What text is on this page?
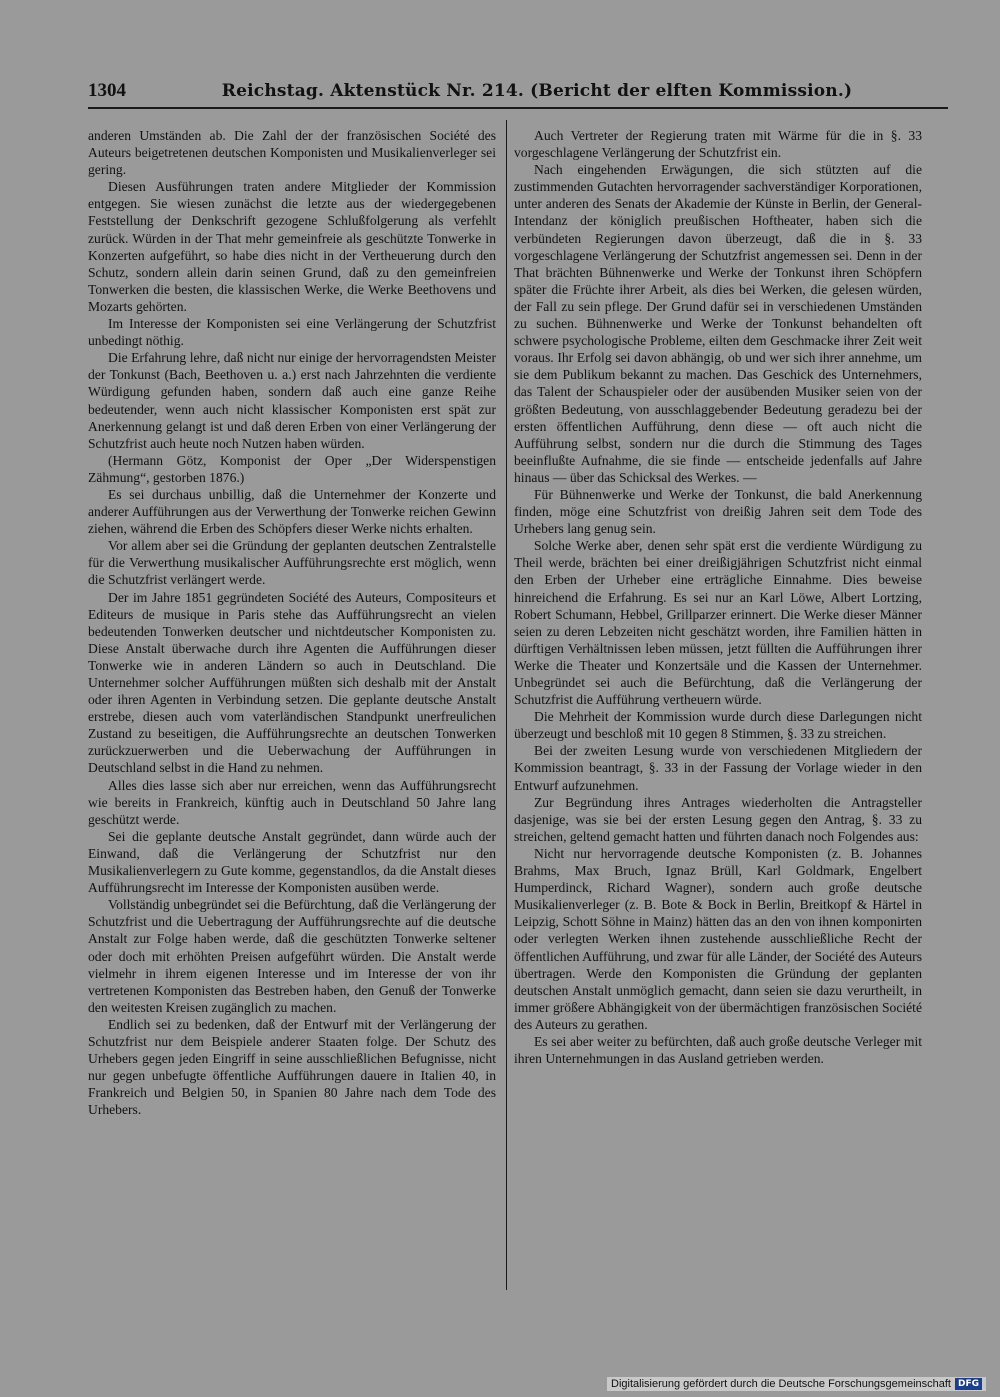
1304	Reichstag. Aktenstück Nr. 214. (Bericht der elften Kommission.)

anderen Umständen ab. Die Zahl der der französischen Société des Auteurs beigetretenen deutschen Komponisten und Musikalienverleger sei gering.

Diesen Ausführungen traten andere Mitglieder der Kommission entgegen. Sie wiesen zunächst die letzte aus der wiedergegebenen Feststellung der Denkschrift gezogene Schlußfolgerung als verfehlt zurück. Würden in der That mehr gemeinfreie als geschützte Tonwerke in Konzerten aufgeführt, so habe dies nicht in der Vertheuerung durch den Schutz, sondern allein darin seinen Grund, daß zu den gemeinfreien Tonwerken die besten, die klassischen Werke, die Werke Beethovens und Mozarts gehörten.

Im Interesse der Komponisten sei eine Verlängerung der Schutzfrist unbedingt nöthig.

Die Erfahrung lehre, daß nicht nur einige der hervorragendsten Meister der Tonkunst (Bach, Beethoven u. a.) erst nach Jahrzehnten die verdiente Würdigung gefunden haben, sondern daß auch eine ganze Reihe bedeutender, wenn auch nicht klassischer Komponisten erst spät zur Anerkennung gelangt ist und daß deren Erben von einer Verlängerung der Schutzfrist auch heute noch Nutzen haben würden.

(Hermann Götz, Komponist der Oper „Der Widerspenstigen Zähmung“, gestorben 1876.)

Es sei durchaus unbillig, daß die Unternehmer der Konzerte und anderer Aufführungen aus der Verwerthung der Tonwerke reichen Gewinn ziehen, während die Erben des Schöpfers dieser Werke nichts erhalten.

Vor allem aber sei die Gründung der geplanten deutschen Zentralstelle für die Verwerthung musikalischer Aufführungsrechte erst möglich, wenn die Schutzfrist verlängert werde.

Der im Jahre 1851 gegründeten Société des Auteurs, Compositeurs et Editeurs de musique in Paris stehe das Aufführungsrecht an vielen bedeutenden Tonwerken deutscher und nichtdeutscher Komponisten zu. Diese Anstalt überwache durch ihre Agenten die Aufführungen dieser Tonwerke wie in anderen Ländern so auch in Deutschland. Die Unternehmer solcher Aufführungen müßten sich deshalb mit der Anstalt oder ihren Agenten in Verbindung setzen. Die geplante deutsche Anstalt erstrebe, diesen auch vom vaterländischen Standpunkt unerfreulichen Zustand zu beseitigen, die Aufführungsrechte an deutschen Tonwerken zurückzuerwerben und die Ueberwachung der Aufführungen in Deutschland selbst in die Hand zu nehmen.

Alles dies lasse sich aber nur erreichen, wenn das Aufführungsrecht wie bereits in Frankreich, künftig auch in Deutschland 50 Jahre lang geschützt werde.

Sei die geplante deutsche Anstalt gegründet, dann würde auch der Einwand, daß die Verlängerung der Schutzfrist nur den Musikalienverlegern zu Gute komme, gegenstandlos, da die Anstalt dieses Aufführungsrecht im Interesse der Komponisten ausüben werde.

Vollständig unbegründet sei die Befürchtung, daß die Verlängerung der Schutzfrist und die Uebertragung der Aufführungsrechte auf die deutsche Anstalt zur Folge haben werde, daß die geschützten Tonwerke seltener oder doch mit erhöhten Preisen aufgeführt würden. Die Anstalt werde vielmehr in ihrem eigenen Interesse und im Interesse der von ihr vertretenen Komponisten das Bestreben haben, den Genuß der Tonwerke den weitesten Kreisen zugänglich zu machen.

Endlich sei zu bedenken, daß der Entwurf mit der Verlängerung der Schutzfrist nur dem Beispiele anderer Staaten folge. Der Schutz des Urhebers gegen jeden Eingriff in seine ausschließlichen Befugnisse, nicht nur gegen unbefugte öffentliche Aufführungen dauere in Italien 40, in Frankreich und Belgien 50, in Spanien 80 Jahre nach dem Tode des Urhebers.

Auch Vertreter der Regierung traten mit Wärme für die in §. 33 vorgeschlagene Verlängerung der Schutzfrist ein.

Nach eingehenden Erwägungen, die sich stützten auf die zustimmenden Gutachten hervorragender sachverständiger Korporationen, unter anderen des Senats der Akademie der Künste in Berlin, der General-Intendanz der königlich preußischen Hoftheater, haben sich die verbündeten Regierungen davon überzeugt, daß die in §. 33 vorgeschlagene Verlängerung der Schutzfrist angemessen sei. Denn in der That brächten Bühnenwerke und Werke der Tonkunst ihren Schöpfern später die Früchte ihrer Arbeit, als dies bei Werken, die gelesen würden, der Fall zu sein pflege. Der Grund dafür sei in verschiedenen Umständen zu suchen. Bühnenwerke und Werke der Tonkunst behandelten oft schwere psychologische Probleme, eilten dem Geschmacke ihrer Zeit weit voraus. Ihr Erfolg sei davon abhängig, ob und wer sich ihrer annehme, um sie dem Publikum bekannt zu machen. Das Geschick des Unternehmers, das Talent der Schauspieler oder der ausübenden Musiker seien von der größten Bedeutung, von ausschlaggebender Bedeutung geradezu bei der ersten öffentlichen Aufführung, denn diese — oft auch nicht die Aufführung selbst, sondern nur die durch die Stimmung des Tages beeinflußte Aufnahme, die sie finde — entscheide jedenfalls auf Jahre hinaus — über das Schicksal des Werkes. —

Für Bühnenwerke und Werke der Tonkunst, die bald Anerkennung finden, möge eine Schutzfrist von dreißig Jahren seit dem Tode des Urhebers lang genug sein.

Solche Werke aber, denen sehr spät erst die verdiente Würdigung zu Theil werde, brächten bei einer dreißigjährigen Schutzfrist nicht einmal den Erben der Urheber eine erträgliche Einnahme. Dies beweise hinreichend die Erfahrung. Es sei nur an Karl Löwe, Albert Lortzing, Robert Schumann, Hebbel, Grillparzer erinnert. Die Werke dieser Männer seien zu deren Lebzeiten nicht geschätzt worden, ihre Familien hätten in dürftigen Verhältnissen leben müssen, jetzt füllten die Aufführungen ihrer Werke die Theater und Konzertsäle und die Kassen der Unternehmer. Unbegründet sei auch die Befürchtung, daß die Verlängerung der Schutzfrist die Aufführung vertheuern würde.

Die Mehrheit der Kommission wurde durch diese Darlegungen nicht überzeugt und beschloß mit 10 gegen 8 Stimmen, §. 33 zu streichen.

Bei der zweiten Lesung wurde von verschiedenen Mitgliedern der Kommission beantragt, §. 33 in der Fassung der Vorlage wieder in den Entwurf aufzunehmen.

Zur Begründung ihres Antrages wiederholten die Antragsteller dasjenige, was sie bei der ersten Lesung gegen den Antrag, §. 33 zu streichen, geltend gemacht hatten und führten danach noch Folgendes aus:

Nicht nur hervorragende deutsche Komponisten (z. B. Johannes Brahms, Max Bruch, Ignaz Brüll, Karl Goldmark, Engelbert Humperdinck, Richard Wagner), sondern auch große deutsche Musikalienverleger (z. B. Bote & Bock in Berlin, Breitkopf & Härtel in Leipzig, Schott Söhne in Mainz) hätten das an den von ihnen komponirten oder verlegten Werken ihnen zustehende ausschließliche Recht der öffentlichen Aufführung, und zwar für alle Länder, der Société des Auteurs übertragen. Werde den Komponisten die Gründung der geplanten deutschen Anstalt unmöglich gemacht, dann seien sie dazu verurtheilt, in immer größere Abhängigkeit von der übermächtigen französischen Société des Auteurs zu gerathen.

Es sei aber weiter zu befürchten, daß auch große deutsche Verleger mit ihren Unternehmungen in das Ausland getrieben werden.

Digitalisierung gefördert durch die Deutsche Forschungsgemeinschaft DFG
